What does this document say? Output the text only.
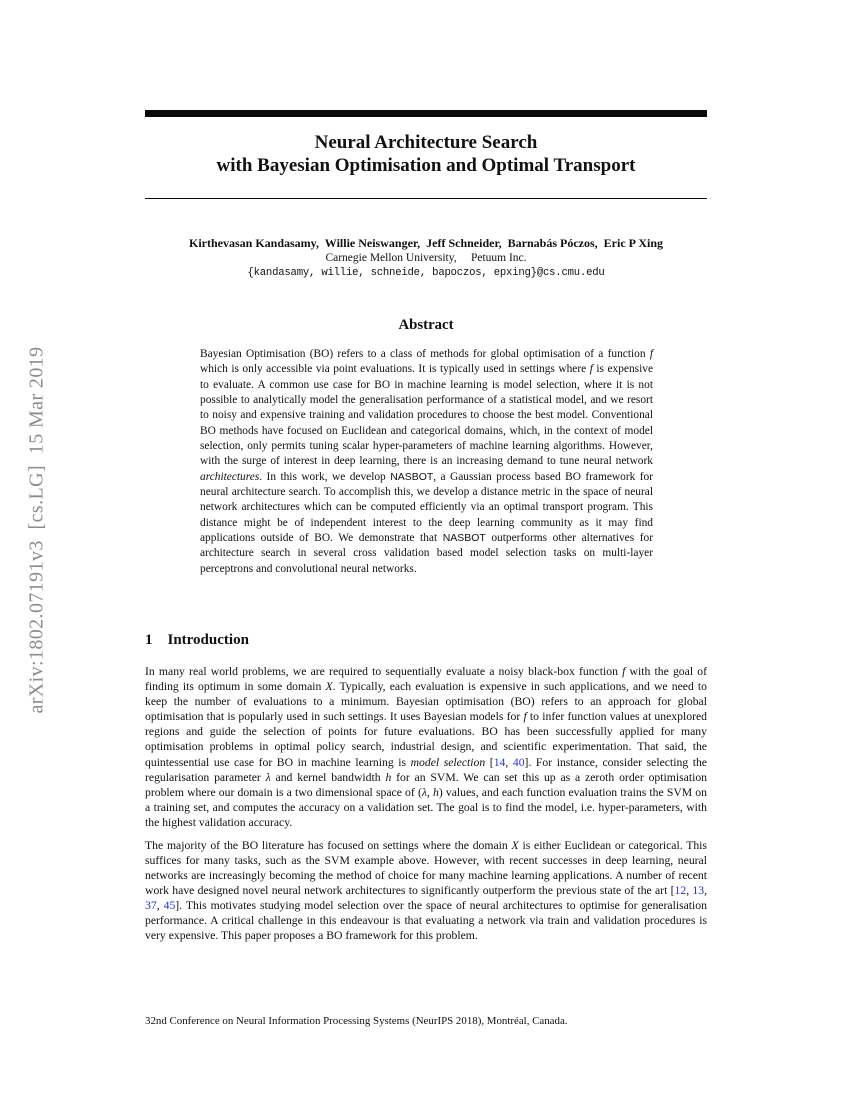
arXiv:1802.07191v3  [cs.LG]  15 Mar 2019
Neural Architecture Search
with Bayesian Optimisation and Optimal Transport
Kirthevasan Kandasamy,  Willie Neiswanger,  Jeff Schneider,  Barnabás Póczos,  Eric P Xing
Carnegie Mellon University,     Petuum Inc.
{kandasamy, willie, schneide, bapoczos, epxing}@cs.cmu.edu
Abstract
Bayesian Optimisation (BO) refers to a class of methods for global optimisation of a function f which is only accessible via point evaluations. It is typically used in settings where f is expensive to evaluate. A common use case for BO in machine learning is model selection, where it is not possible to analytically model the generalisation performance of a statistical model, and we resort to noisy and expensive training and validation procedures to choose the best model. Conventional BO methods have focused on Euclidean and categorical domains, which, in the context of model selection, only permits tuning scalar hyper-parameters of machine learning algorithms. However, with the surge of interest in deep learning, there is an increasing demand to tune neural network architectures. In this work, we develop NASBOT, a Gaussian process based BO framework for neural architecture search. To accomplish this, we develop a distance metric in the space of neural network architectures which can be computed efficiently via an optimal transport program. This distance might be of independent interest to the deep learning community as it may find applications outside of BO. We demonstrate that NASBOT outperforms other alternatives for architecture search in several cross validation based model selection tasks on multi-layer perceptrons and convolutional neural networks.
1 Introduction

In many real world problems, we are required to sequentially evaluate a noisy black-box function f with the goal of finding its optimum in some domain X. Typically, each evaluation is expensive in such applications, and we need to keep the number of evaluations to a minimum. Bayesian optimisation (BO) refers to an approach for global optimisation that is popularly used in such settings. It uses Bayesian models for f to infer function values at unexplored regions and guide the selection of points for future evaluations. BO has been successfully applied for many optimisation problems in optimal policy search, industrial design, and scientific experimentation. That said, the quintessential use case for BO in machine learning is model selection [14, 40]. For instance, consider selecting the regularisation parameter λ and kernel bandwidth h for an SVM. We can set this up as a zeroth order optimisation problem where our domain is a two dimensional space of (λ, h) values, and each function evaluation trains the SVM on a training set, and computes the accuracy on a validation set. The goal is to find the model, i.e. hyper-parameters, with the highest validation accuracy.

The majority of the BO literature has focused on settings where the domain X is either Euclidean or categorical. This suffices for many tasks, such as the SVM example above. However, with recent successes in deep learning, neural networks are increasingly becoming the method of choice for many machine learning applications. A number of recent work have designed novel neural network architectures to significantly outperform the previous state of the art [12, 13, 37, 45]. This motivates studying model selection over the space of neural architectures to optimise for generalisation performance. A critical challenge in this endeavour is that evaluating a network via train and validation procedures is very expensive. This paper proposes a BO framework for this problem.

32nd Conference on Neural Information Processing Systems (NeurIPS 2018), Montréal, Canada.
